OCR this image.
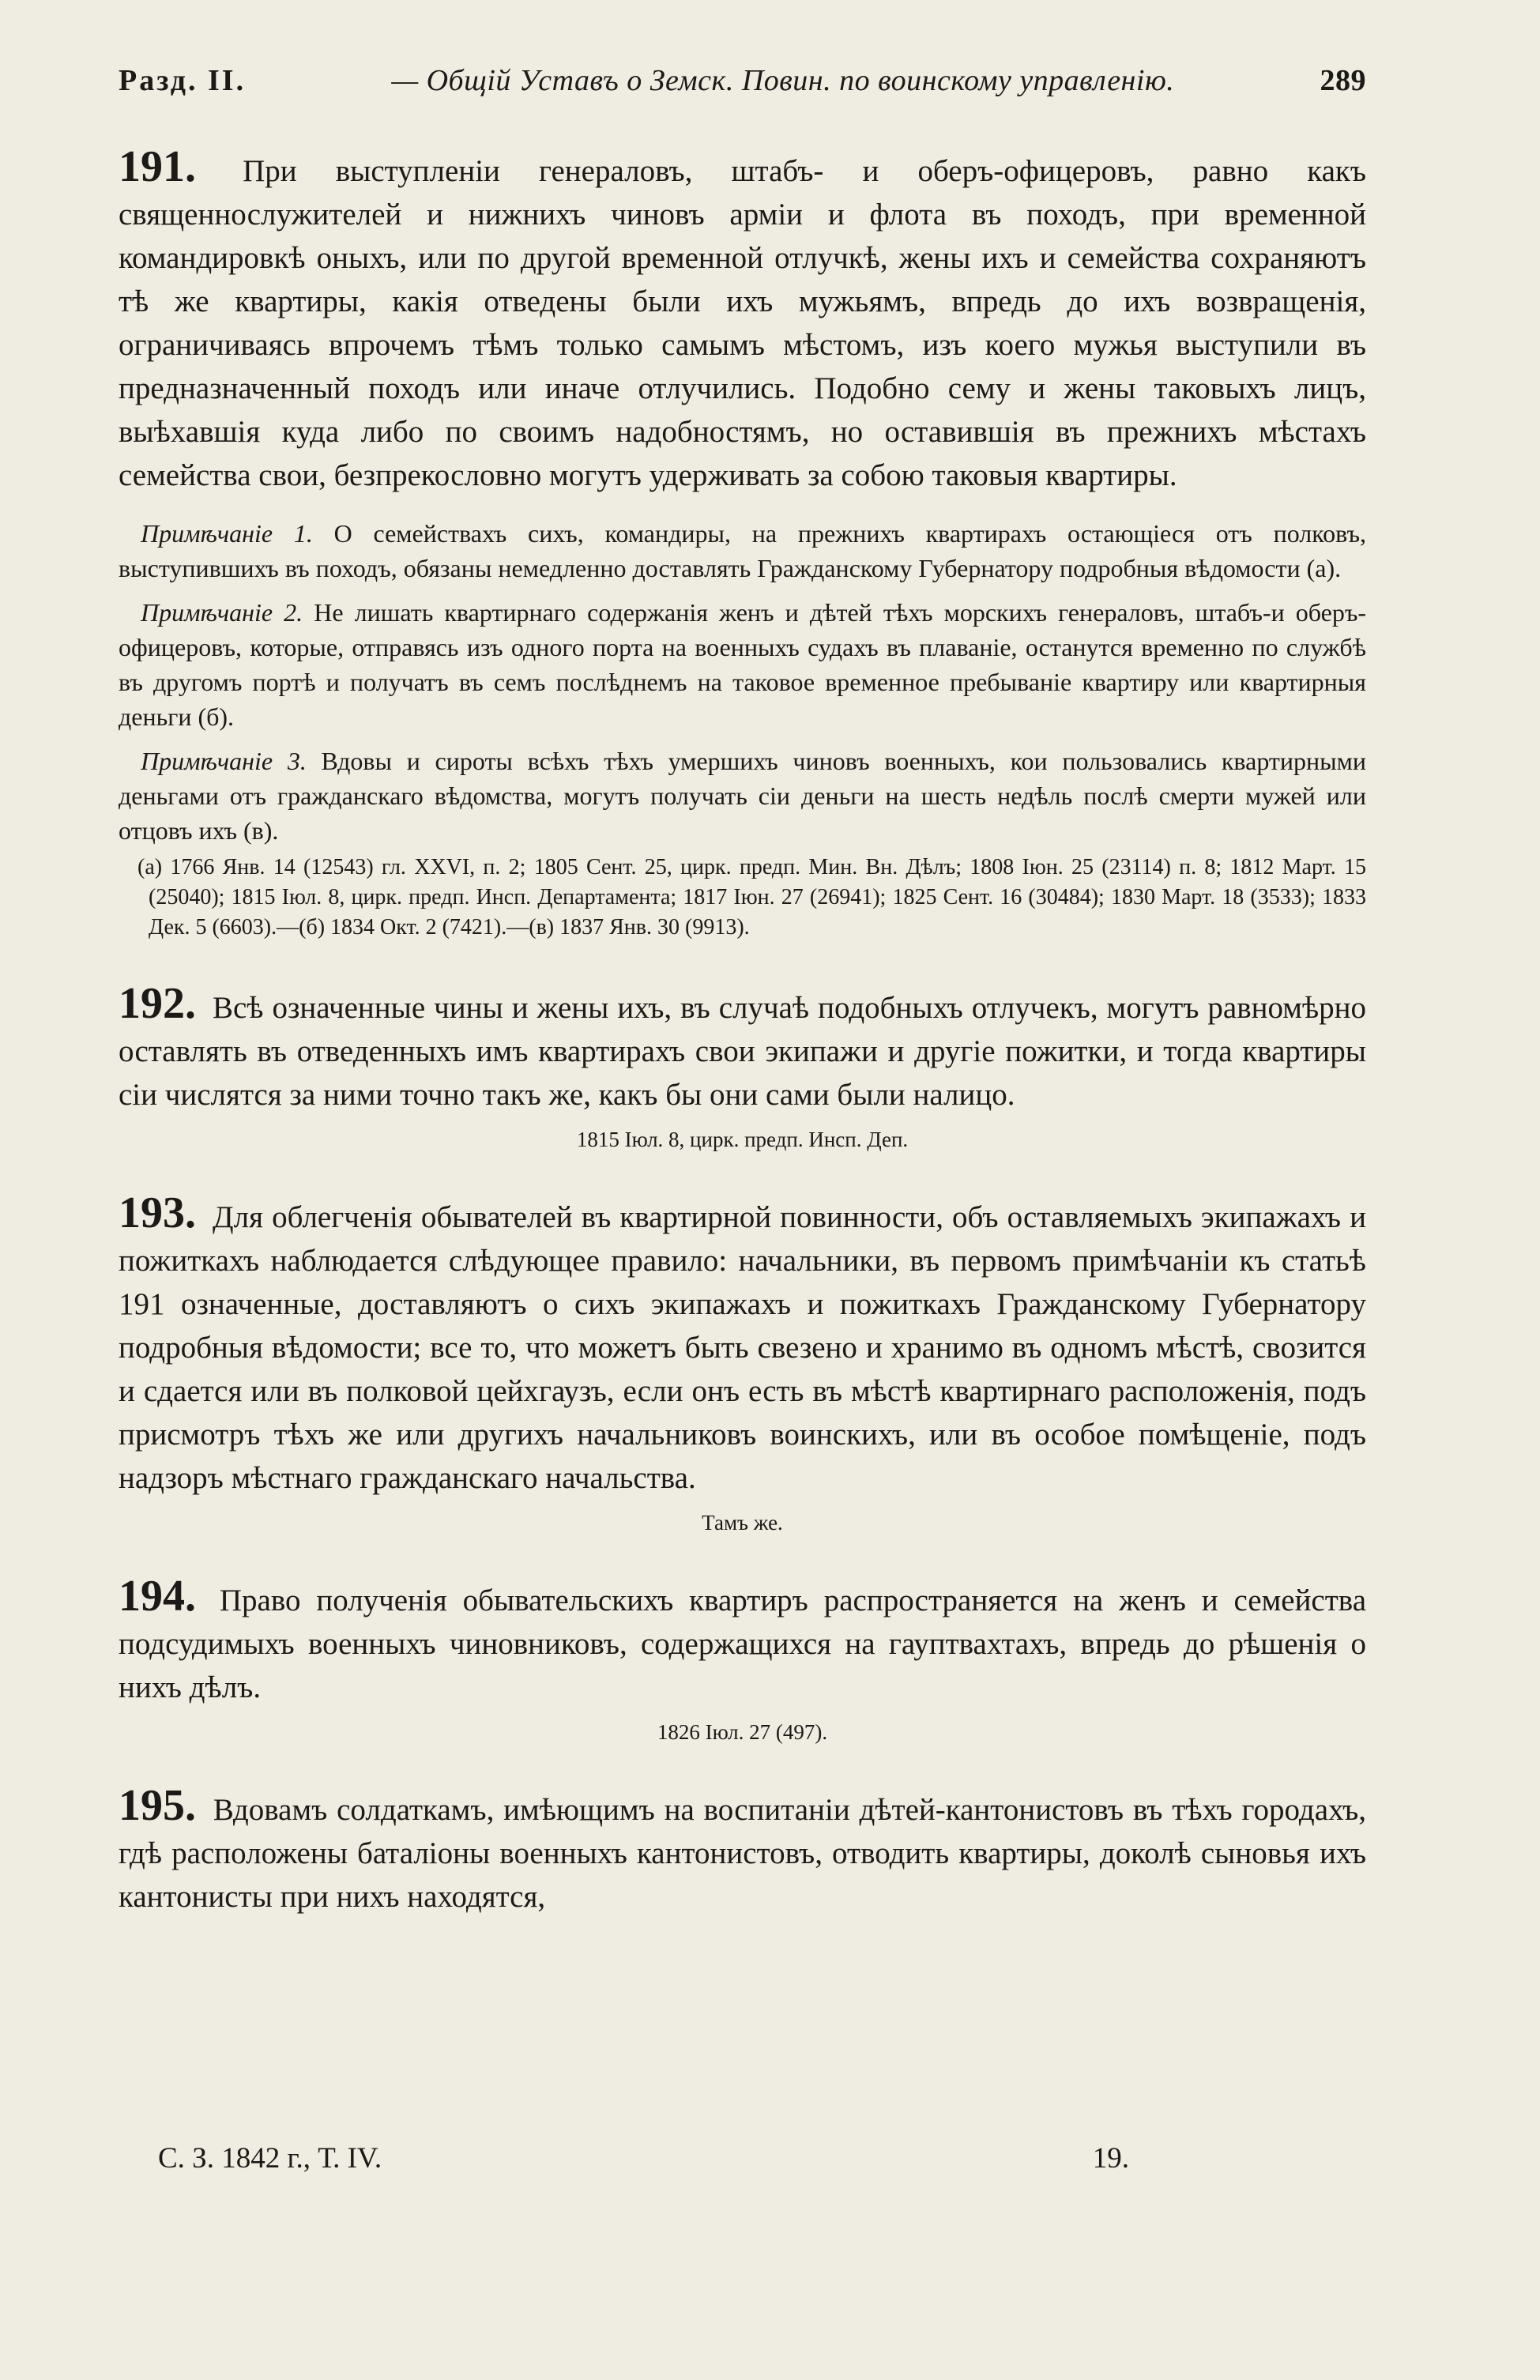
Разд. II.	— Общій Уставъ о Земск. Повин. по воинскому управленію.	289

191. При выступленіи генераловъ, штабъ- и оберъ-офицеровъ, равно какъ священнослужителей и нижнихъ чиновъ арміи и флота въ походъ, при временной командировкѣ оныхъ, или по другой временной отлучкѣ, жены ихъ и семейства сохраняютъ тѣ же квартиры, какія отведены были ихъ мужьямъ, впредь до ихъ возвращенія, ограничиваясь впрочемъ тѣмъ только самымъ мѣстомъ, изъ коего мужья выступили въ предназначенный походъ или иначе отлучились. Подобно сему и жены таковыхъ лицъ, выѣхавшія куда либо по своимъ надобностямъ, но оставившія въ прежнихъ мѣстахъ семейства свои, безпрекословно могутъ удерживать за собою таковыя квартиры.

Примѣчаніе 1. О семействахъ сихъ, командиры, на прежнихъ квартирахъ остающіеся отъ полковъ, выступившихъ въ походъ, обязаны немедленно доставлять Гражданскому Губернатору подробныя вѣдомости (а).

Примѣчаніе 2. Не лишать квартирнаго содержанія женъ и дѣтей тѣхъ морскихъ генераловъ, штабъ-и оберъ-офицеровъ, которые, отправясь изъ одного порта на военныхъ судахъ въ плаваніе, останутся временно по службѣ въ другомъ портѣ и получатъ въ семъ послѣднемъ на таковое временное пребываніе квартиру или квартирныя деньги (б).

Примѣчаніе 3. Вдовы и сироты всѣхъ тѣхъ умершихъ чиновъ военныхъ, кои пользовались квартирными деньгами отъ гражданскаго вѣдомства, могутъ получать сіи деньги на шесть недѣль послѣ смерти мужей или отцовъ ихъ (в).

(а) 1766 Янв. 14 (12543) гл. XXVI, п. 2; 1805 Сент. 25, цирк. предп. Мин. Вн. Дѣлъ; 1808 Іюн. 25 (23114) п. 8; 1812 Март. 15 (25040); 1815 Іюл. 8, цирк. предп. Инсп. Департамента; 1817 Іюн. 27 (26941); 1825 Сент. 16 (30484); 1830 Март. 18 (3533); 1833 Дек. 5 (6603).—(б) 1834 Окт. 2 (7421).—(в) 1837 Янв. 30 (9913).

192. Всѣ означенные чины и жены ихъ, въ случаѣ подобныхъ отлучекъ, могутъ равномѣрно оставлять въ отведенныхъ имъ квартирахъ свои экипажи и другіе пожитки, и тогда квартиры сіи числятся за ними точно такъ же, какъ бы они сами были налицо.

1815 Іюл. 8, цирк. предп. Инсп. Деп.

193. Для облегченія обывателей въ квартирной повинности, объ оставляемыхъ экипажахъ и пожиткахъ наблюдается слѣдующее правило: начальники, въ первомъ примѣчаніи къ статьѣ 191 означенные, доставляютъ о сихъ экипажахъ и пожиткахъ Гражданскому Губернатору подробныя вѣдомости; все то, что можетъ быть свезено и хранимо въ одномъ мѣстѣ, свозится и сдается или въ полковой цейхгаузъ, если онъ есть въ мѣстѣ квартирнаго расположенія, подъ присмотръ тѣхъ же или другихъ начальниковъ воинскихъ, или въ особое помѣщеніе, подъ надзоръ мѣстнаго гражданскаго начальства.

Тамъ же.

194. Право полученія обывательскихъ квартиръ распространяется на женъ и семейства подсудимыхъ военныхъ чиновниковъ, содержащихся на гауптвахтахъ, впредь до рѣшенія о нихъ дѣлъ.

1826 Іюл. 27 (497).

195. Вдовамъ солдаткамъ, имѣющимъ на воспитаніи дѣтей-кантонистовъ въ тѣхъ городахъ, гдѣ расположены баталіоны военныхъ кантонистовъ, отводить квартиры, доколѣ сыновья ихъ кантонисты при нихъ находятся,

С. З. 1842 г., Т. IV.	19.
